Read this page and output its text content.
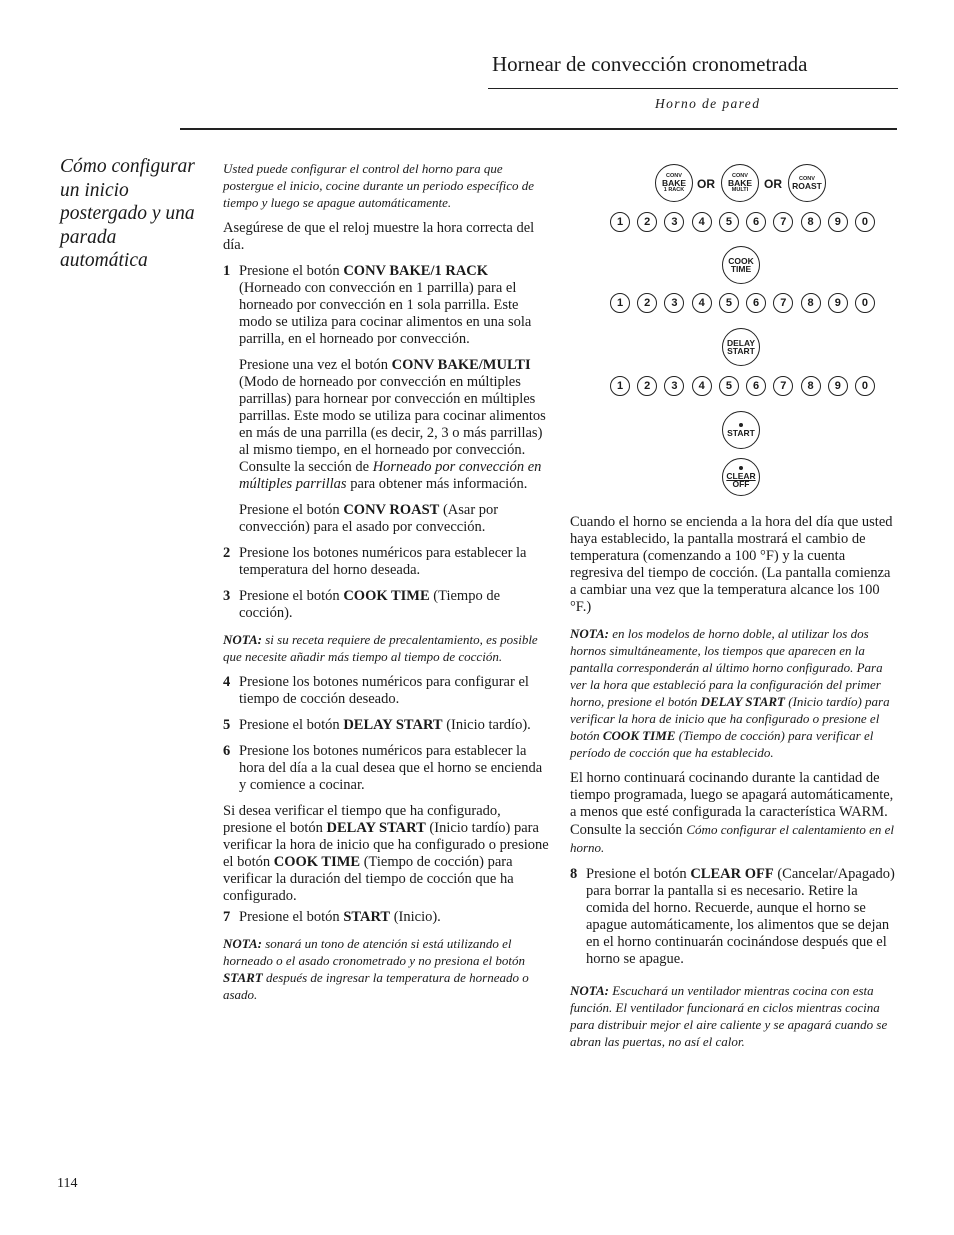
Hornear de convección cronometrada
Horno de pared
Cómo configurar un inicio postergado y una parada automática

Usted puede configurar el control del horno para que postergue el inicio, cocine durante un periodo específico de tiempo y luego se apague automáticamente.

Asegúrese de que el reloj muestre la hora correcta del día.

1 Presione el botón CONV BAKE/1 RACK (Horneado con convección en 1 parrilla) para el horneado por convección en 1 sola parrilla. Este modo se utiliza para cocinar alimentos en una sola parrilla, en el horneado por convección.
Presione una vez el botón CONV BAKE/MULTI (Modo de horneado por convección en múltiples parrillas) para hornear por convección en múltiples parrillas. Este modo se utiliza para cocinar alimentos en más de una parrilla (es decir, 2, 3 o más parrillas) al mismo tiempo, en el horneado por convección. Consulte la sección de Horneado por convección en múltiples parrillas para obtener más información.
Presione el botón CONV ROAST (Asar por convección) para el asado por convección.
2 Presione los botones numéricos para establecer la temperatura del horno deseada.
3 Presione el botón COOK TIME (Tiempo de cocción).

NOTA: si su receta requiere de precalentamiento, es posible que necesite añadir más tiempo al tiempo de cocción.

4 Presione los botones numéricos para configurar el tiempo de cocción deseado.
5 Presione el botón DELAY START (Inicio tardío).
6 Presione los botones numéricos para establecer la hora del día a la cual desea que el horno se encienda y comience a cocinar.

Si desea verificar el tiempo que ha configurado, presione el botón DELAY START (Inicio tardío) para verificar la hora de inicio que ha configurado o presione el botón COOK TIME (Tiempo de cocción) para verificar la duración del tiempo de cocción que ha configurado.

7 Presione el botón START (Inicio).

NOTA: sonará un tono de atención si está utilizando el horneado o el asado cronometrado y no presiona el botón START después de ingresar la temperatura de horneado o asado.

CONV
BAKE
1 RACK OR
CONV
BAKE
MULTI OR	CONV
ROAST
1	2	3	4	5	6	7	8	9	0
COOK
TIME
1	2	3	4	5	6	7	8	9	0
DELAY
START
1	2	3	4	5	6	7	8	9	0
START
CLEAR
OFF

Cuando el horno se encienda a la hora del día que usted haya establecido, la pantalla mostrará el cambio de temperatura (comenzando a 100 °F) y la cuenta regresiva del tiempo de cocción. (La pantalla comienza a cambiar una vez que la temperatura alcance los 100 °F.)

NOTA: en los modelos de horno doble, al utilizar los dos hornos simultáneamente, los tiempos que aparecen en la pantalla corresponderán al último horno configurado. Para ver la hora que estableció para la configuración del primer horno, presione el botón DELAY START (Inicio tardío) para verificar la hora de inicio que ha configurado o presione el botón COOK TIME (Tiempo de cocción) para verificar el período de cocción que ha establecido.

El horno continuará cocinando durante la cantidad de tiempo programada, luego se apagará automáticamente, a menos que esté configurada la característica WARM. Consulte la sección Cómo configurar el calentamiento en el horno.

8 Presione el botón CLEAR OFF (Cancelar/Apagado) para borrar la pantalla si es necesario. Retire la comida del horno. Recuerde, aunque el horno se apague automáticamente, los alimentos que se dejan en el horno continuarán cocinándose después que el horno se apague.

NOTA: Escuchará un ventilador mientras cocina con esta función. El ventilador funcionará en ciclos mientras cocina para distribuir mejor el aire caliente y se apagará cuando se abran las puertas, no así el calor.

114
